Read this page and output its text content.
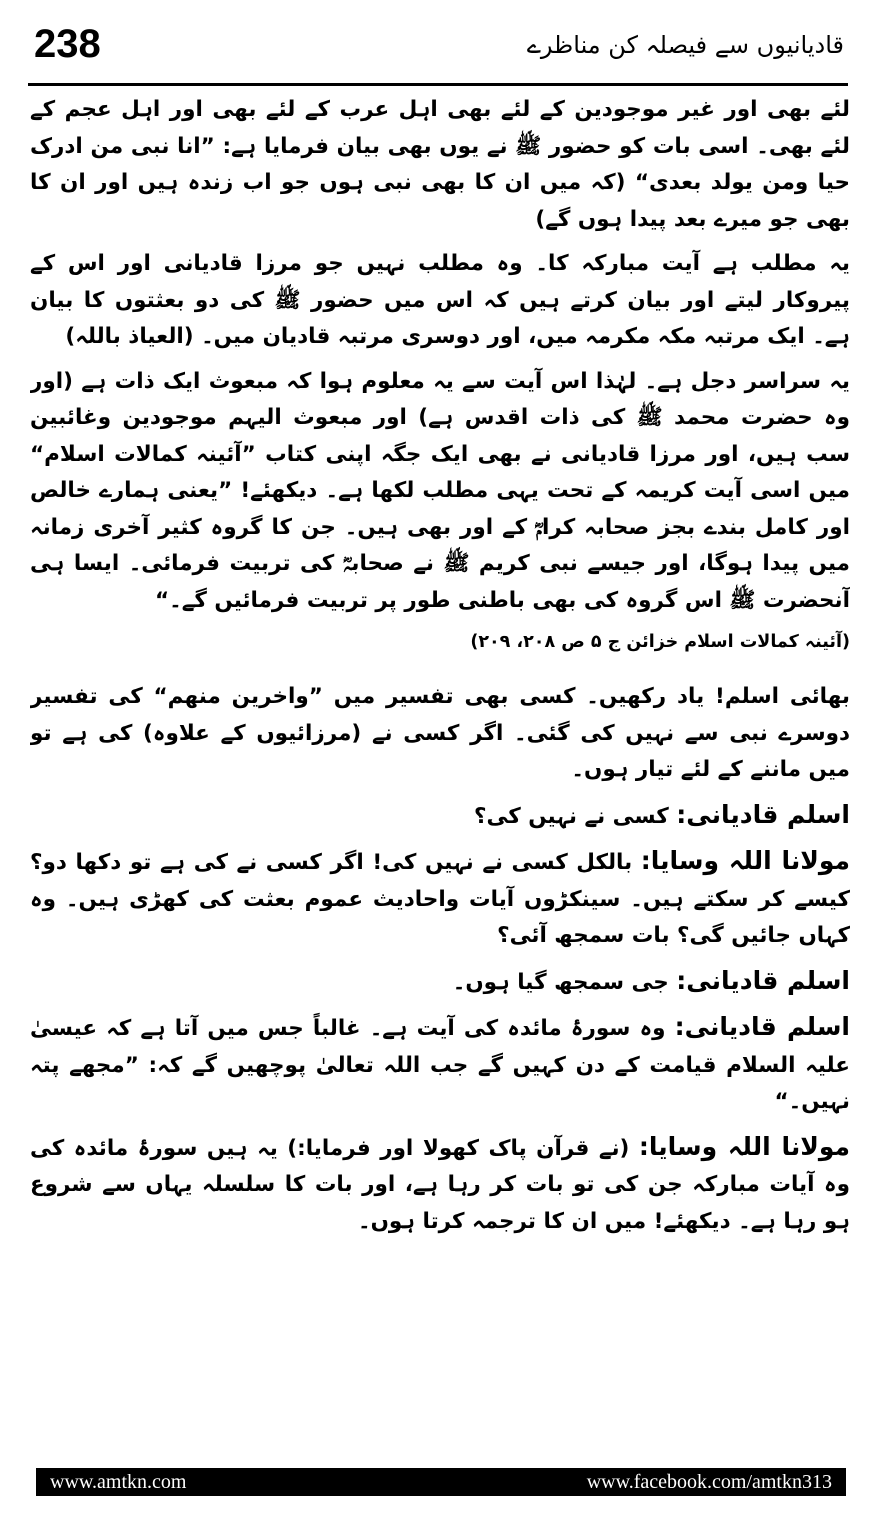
238	قادیانیوں سے فیصلہ کن مناظرے

لئے بھی اور غیر موجودین کے لئے بھی اہل عرب کے لئے بھی اور اہل عجم کے لئے بھی۔ اسی بات کو حضور ﷺ نے یوں بھی بیان فرمایا ہے: ”انا نبی من ادرک حیا ومن یولد بعدی“ (کہ میں ان کا بھی نبی ہوں جو اب زندہ ہیں اور ان کا بھی جو میرے بعد پیدا ہوں گے)

یہ مطلب ہے آیت مبارکہ کا۔ وہ مطلب نہیں جو مرزا قادیانی اور اس کے پیروکار لیتے اور بیان کرتے ہیں کہ اس میں حضور ﷺ کی دو بعثتوں کا بیان ہے۔ ایک مرتبہ مکہ مکرمہ میں، اور دوسری مرتبہ قادیان میں۔ (العیاذ باللہ)

یہ سراسر دجل ہے۔ لہٰذا اس آیت سے یہ معلوم ہوا کہ مبعوث ایک ذات ہے (اور وہ حضرت محمد ﷺ کی ذات اقدس ہے) اور مبعوث الیہم موجودین وغائبین سب ہیں، اور مرزا قادیانی نے بھی ایک جگہ اپنی کتاب ”آئینہ کمالات اسلام“ میں اسی آیت کریمہ کے تحت یہی مطلب لکھا ہے۔ دیکھئے! ”یعنی ہمارے خالص اور کامل بندے بجز صحابہ کرامؓ کے اور بھی ہیں۔ جن کا گروہ کثیر آخری زمانہ میں پیدا ہوگا، اور جیسے نبی کریم ﷺ نے صحابہؓ کی تربیت فرمائی۔ ایسا ہی آنحضرت ﷺ اس گروہ کی بھی باطنی طور پر تربیت فرمائیں گے۔“

(آئینہ کمالات اسلام خزائن ج ۵ ص ۲۰۸، ۲۰۹)

بھائی اسلم! یاد رکھیں۔ کسی بھی تفسیر میں ”واخرین منھم“ کی تفسیر دوسرے نبی سے نہیں کی گئی۔ اگر کسی نے (مرزائیوں کے علاوہ) کی ہے تو میں ماننے کے لئے تیار ہوں۔

اسلم قادیانی: کسی نے نہیں کی؟

مولانا اللہ وسایا: بالکل کسی نے نہیں کی! اگر کسی نے کی ہے تو دکھا دو؟ کیسے کر سکتے ہیں۔ سینکڑوں آیات واحادیث عموم بعثت کی کھڑی ہیں۔ وہ کہاں جائیں گی؟ بات سمجھ آئی؟

اسلم قادیانی: جی سمجھ گیا ہوں۔

اسلم قادیانی: وہ سورۂ مائدہ کی آیت ہے۔ غالباً جس میں آتا ہے کہ عیسیٰ علیہ السلام قیامت کے دن کہیں گے جب اللہ تعالیٰ پوچھیں گے کہ: ”مجھے پتہ نہیں۔“

مولانا اللہ وسایا: (نے قرآن پاک کھولا اور فرمایا:) یہ ہیں سورۂ مائدہ کی وہ آیات مبارکہ جن کی تو بات کر رہا ہے، اور بات کا سلسلہ یہاں سے شروع ہو رہا ہے۔ دیکھئے! میں ان کا ترجمہ کرتا ہوں۔

www.amtkn.com	www.facebook.com/amtkn313
